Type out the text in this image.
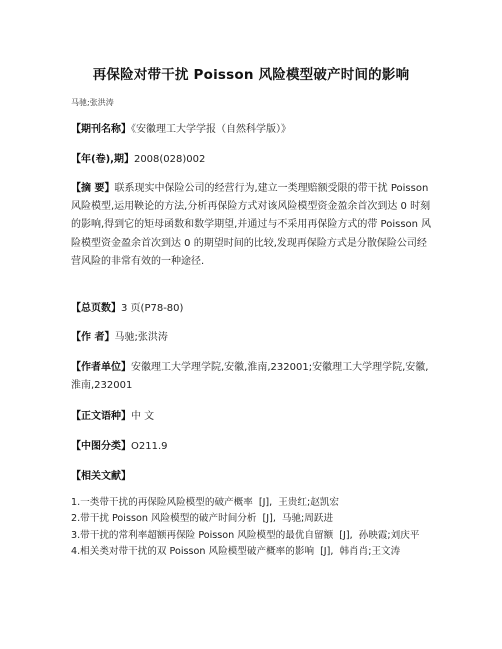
再保险对带干扰 Poisson 风险模型破产时间的影响
马驰;张洪涛
【期刊名称】《安徽理工大学学报（自然科学版）》
【年(卷),期】2008(028)002
【摘 要】联系现实中保险公司的经营行为,建立一类理赔额受限的带干扰 Poisson 风险模型,运用鞅论的方法,分析再保险方式对该风险模型资金盈余首次到达 0 时刻的影响,得到它的矩母函数和数学期望,并通过与不采用再保险方式的带 Poisson 风险模型资金盈余首次到达 0 的期望时间的比较,发现再保险方式是分散保险公司经营风险的非常有效的一种途径.
【总页数】3 页(P78-80)
【作 者】马驰;张洪涛
【作者单位】安徽理工大学理学院,安徽,淮南,232001;安徽理工大学理学院,安徽,淮南,232001
【正文语种】中 文
【中图分类】O211.9
【相关文献】
1.一类带干扰的再保险风险模型的破产概率 [J], 王贵红;赵凯宏
2.带干扰 Poisson 风险模型的破产时间分析 [J], 马驰;周跃进
3.带干扰的常利率超额再保险 Poisson 风险模型的最优自留额 [J], 孙映霞;刘庆平
4.相关类对带干扰的双 Poisson 风险模型破产概率的影响 [J], 韩肖肖;王文涛
